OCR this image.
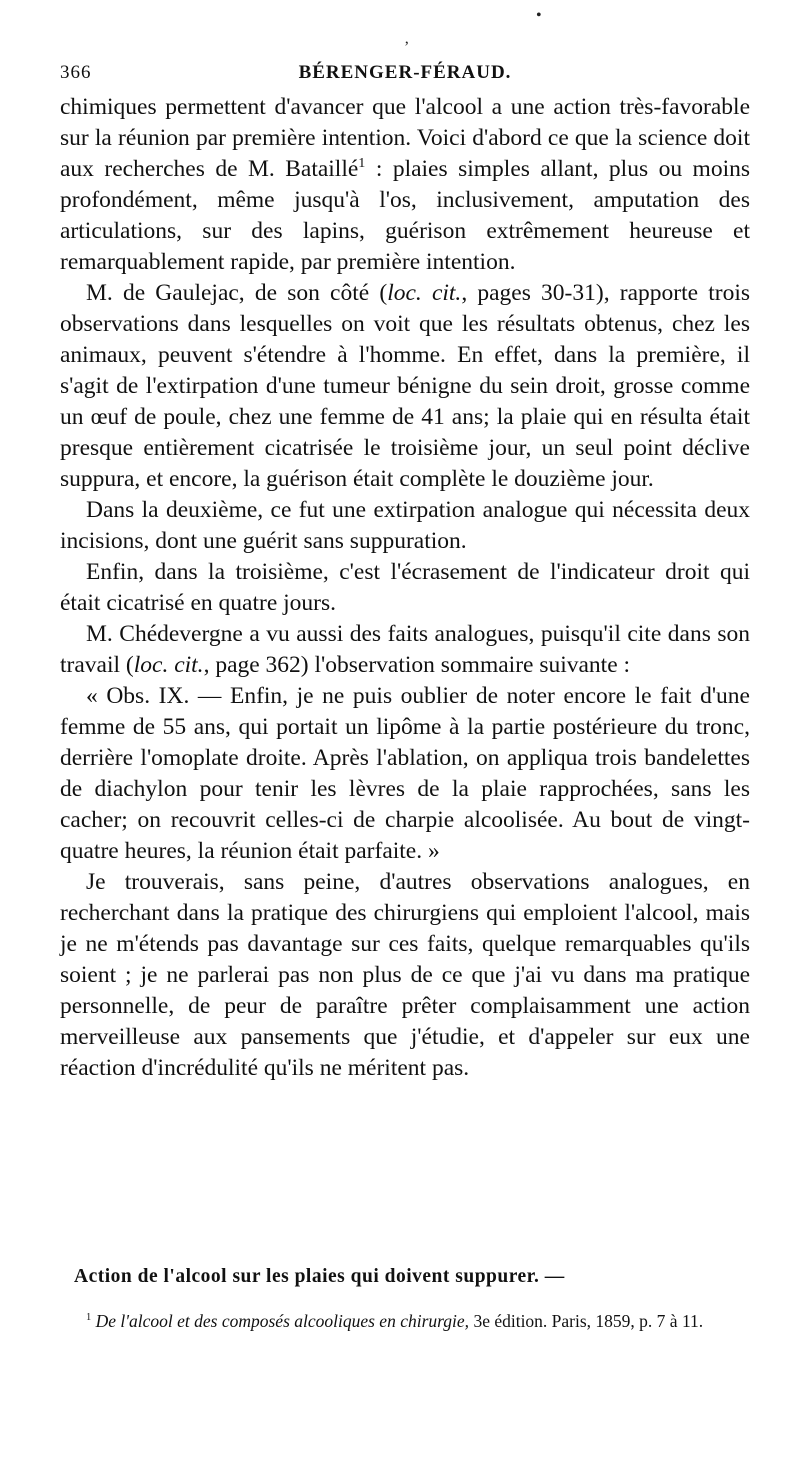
•
ʼ
366	BÉRENGER-FÉRAUD.

chimiques permettent d'avancer que l'alcool a une action très-favorable sur la réunion par première intention. Voici d'abord ce que la science doit aux recherches de M. Bataillé$^1$ : plaies simples allant, plus ou moins profondément, même jusqu'à l'os, inclusivement, amputation des articulations, sur des lapins, guérison extrêmement heureuse et remarquablement rapide, par première intention.

M. de Gaulejac, de son côté (loc. cit., pages 30-31), rapporte trois observations dans lesquelles on voit que les résultats obtenus, chez les animaux, peuvent s'étendre à l'homme. En effet, dans la première, il s'agit de l'extirpation d'une tumeur bénigne du sein droit, grosse comme un œuf de poule, chez une femme de 41 ans; la plaie qui en résulta était presque entièrement cicatrisée le troisième jour, un seul point déclive suppura, et encore, la guérison était complète le douzième jour.

Dans la deuxième, ce fut une extirpation analogue qui nécessita deux incisions, dont une guérit sans suppuration.

Enfin, dans la troisième, c'est l'écrasement de l'indicateur droit qui était cicatrisé en quatre jours.

M. Chédevergne a vu aussi des faits analogues, puisqu'il cite dans son travail (loc. cit., page 362) l'observation sommaire suivante :

« Obs. IX. — Enfin, je ne puis oublier de noter encore le fait d'une femme de 55 ans, qui portait un lipôme à la partie postérieure du tronc, derrière l'omoplate droite. Après l'ablation, on appliqua trois bandelettes de diachylon pour tenir les lèvres de la plaie rapprochées, sans les cacher; on recouvrit celles-ci de charpie alcoolisée. Au bout de vingt-quatre heures, la réunion était parfaite. »

Je trouverais, sans peine, d'autres observations analogues, en recherchant dans la pratique des chirurgiens qui emploient l'alcool, mais je ne m'étends pas davantage sur ces faits, quelque remarquables qu'ils soient ; je ne parlerai pas non plus de ce que j'ai vu dans ma pratique personnelle, de peur de paraître prêter complaisamment une action merveilleuse aux pansements que j'étudie, et d'appeler sur eux une réaction d'incrédulité qu'ils ne méritent pas.

Action de l'alcool sur les plaies qui doivent suppurer. —

$^1$ De l'alcool et des composés alcooliques en chirurgie, 3e édition. Paris, 1859, p. 7 à 11.
